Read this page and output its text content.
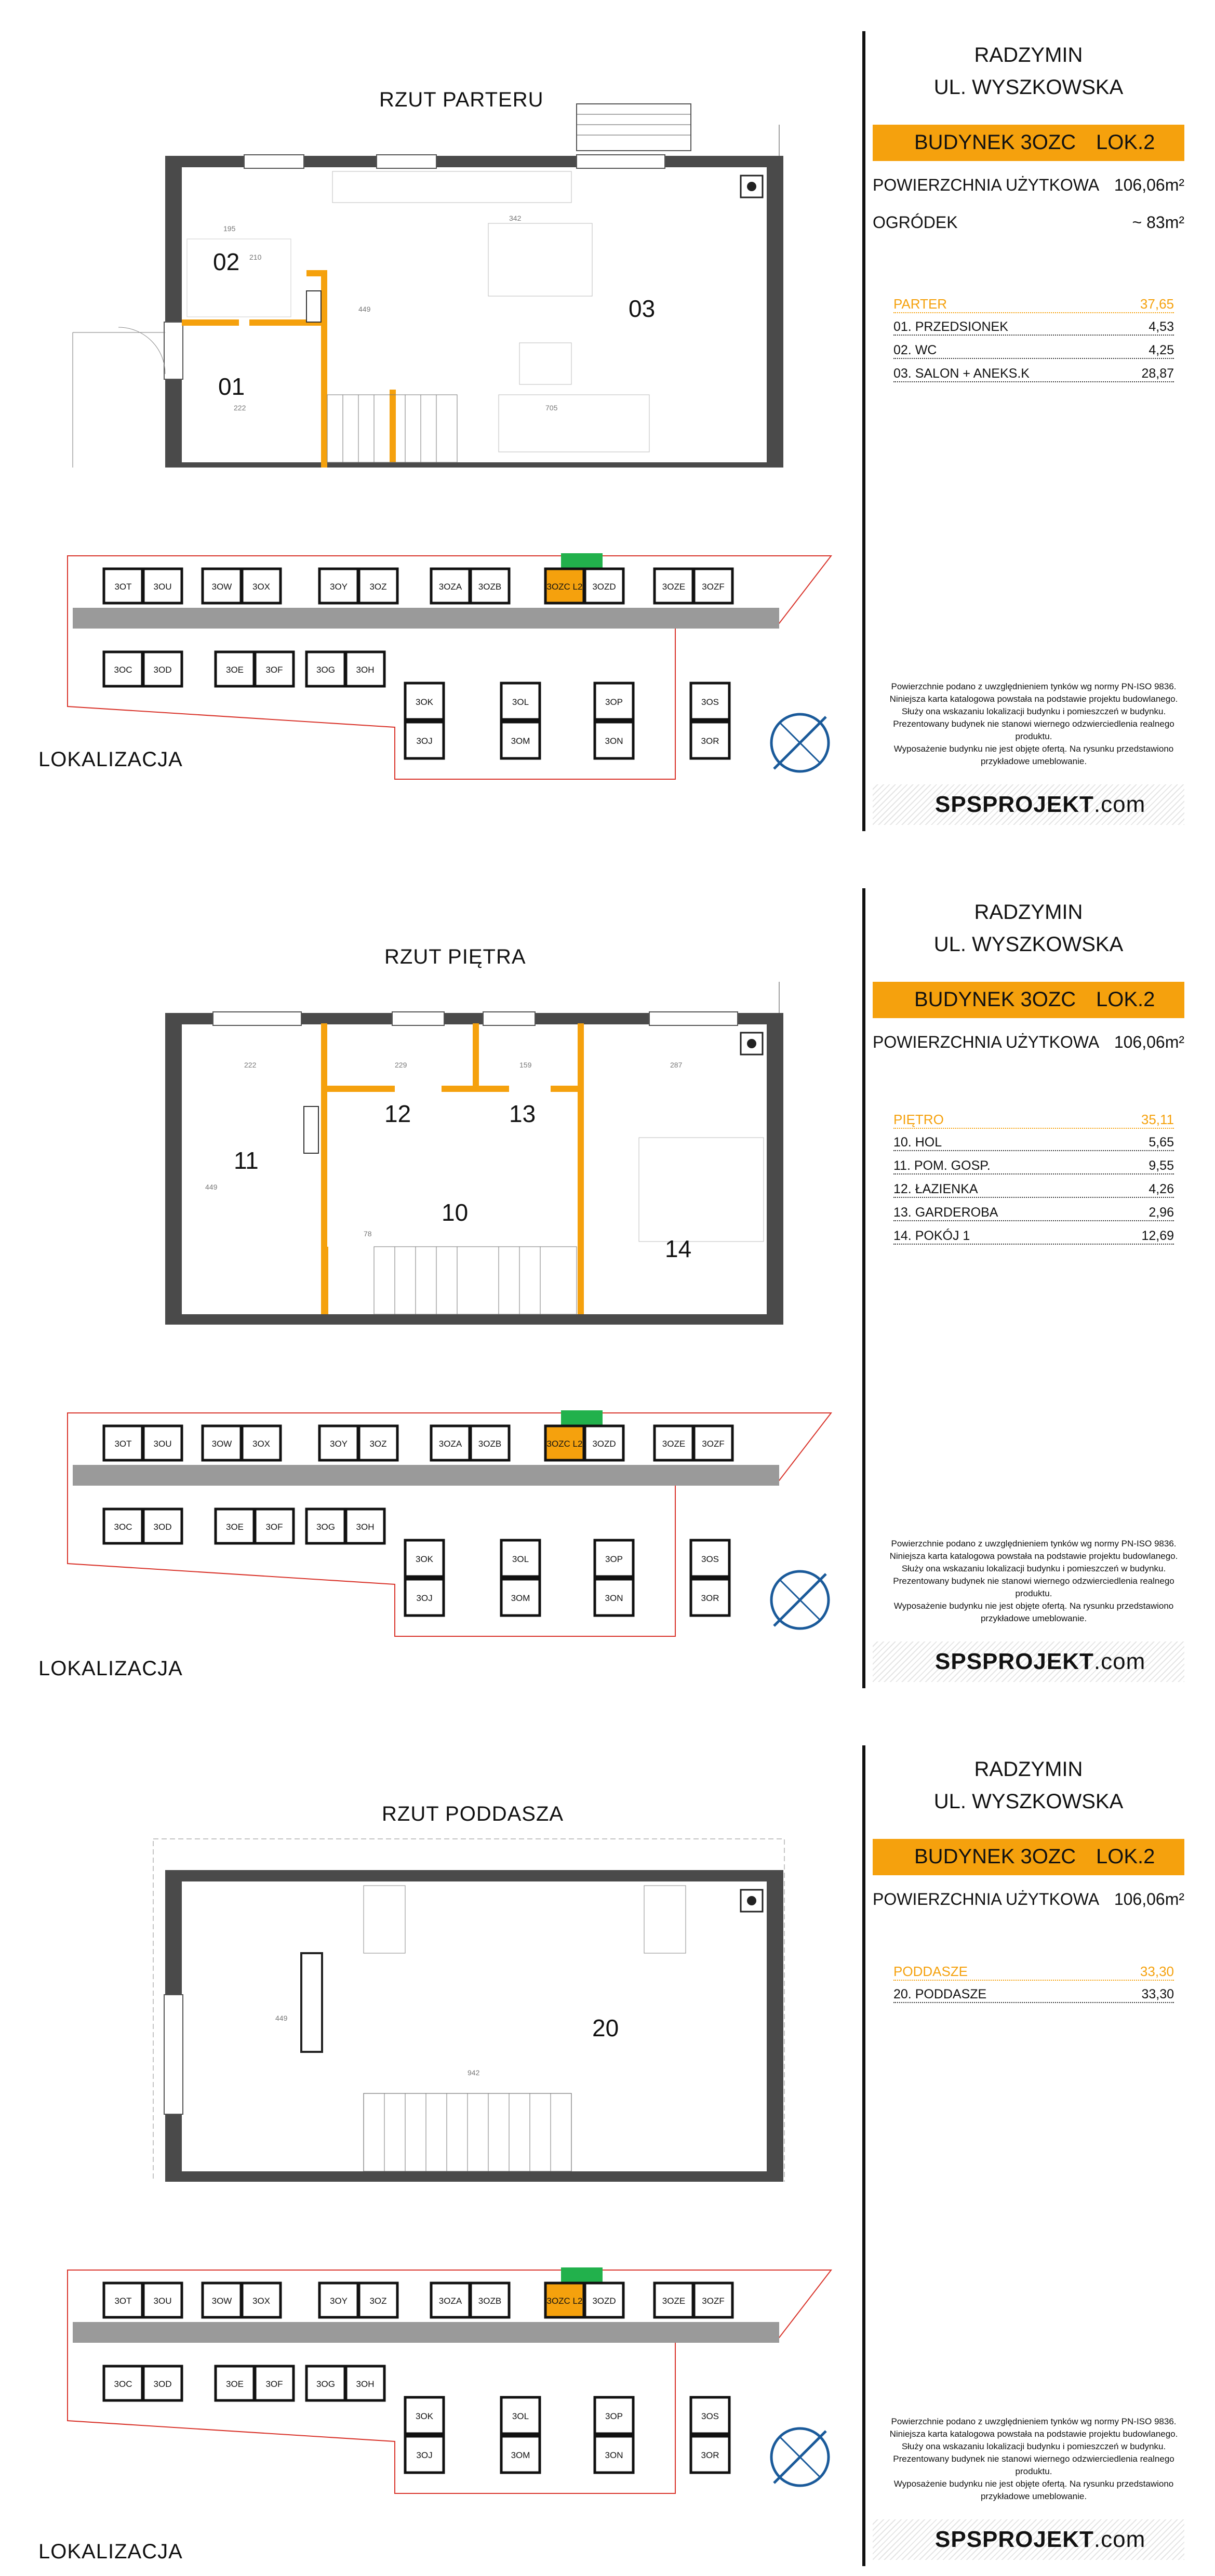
RZUT PARTERU
02
01
03
195
210
342
449
222	705
3OT 3OU	3OW 3OX	3OY 3OZ	3OZA 3OZB	3OZC L2 3OZD	3OZE 3OZF
3OC 3OD	3OE 3OF	3OG 3OH
3OK
3OJ
3OL
3OM
3OP
3ON
3OS
3OR
LOKALIZACJA
RADZYMIN
UL. WYSZKOWSKA
BUDYNEK 3OZC LOK.2
POWIERZCHNIA UŻYTKOWA 106,06m²
OGRÓDEK	~ 83m²
PARTER	37,65
01. PRZEDSIONEK	4,53
02. WC	4,25
03. SALON + ANEKS.K	28,87
Powierzchnie podano z uwzględnieniem tynków wg normy PN-ISO 9836.
Niniejsza karta katalogowa powstała na podstawie projektu budowlanego.
Służy ona wskazaniu lokalizacji budynku i pomieszczeń w budynku.
Prezentowany budynek nie stanowi wiernego odzwierciedlenia realnego produktu.
Wyposażenie budynku nie jest objęte ofertą. Na rysunku przedstawiono
przykładowe umeblowanie.
SPSPROJEKT.com
RZUT PIĘTRA
11
12	13
10
14
222	229	159	287
449
78
3OT 3OU	3OW 3OX	3OY 3OZ	3OZA 3OZB	3OZC L2 3OZD	3OZE 3OZF
3OC 3OD	3OE 3OF	3OG 3OH
3OK
3OJ
3OL
3OM
3OP
3ON
3OS
3OR
LOKALIZACJA
RADZYMIN
UL. WYSZKOWSKA
BUDYNEK 3OZC LOK.2
POWIERZCHNIA UŻYTKOWA 106,06m²
PIĘTRO	35,11
10. HOL	5,65
11. POM. GOSP.	9,55
12. ŁAZIENKA	4,26
13. GARDEROBA	2,96
14. POKÓJ 1	12,69
Powierzchnie podano z uwzględnieniem tynków wg normy PN-ISO 9836.
Niniejsza karta katalogowa powstała na podstawie projektu budowlanego.
Służy ona wskazaniu lokalizacji budynku i pomieszczeń w budynku.
Prezentowany budynek nie stanowi wiernego odzwierciedlenia realnego produktu.
Wyposażenie budynku nie jest objęte ofertą. Na rysunku przedstawiono
przykładowe umeblowanie.
SPSPROJEKT.com
RZUT PODDASZA
20
449
942
3OT 3OU	3OW 3OX	3OY 3OZ	3OZA 3OZB	3OZC L2 3OZD	3OZE 3OZF
3OC 3OD	3OE 3OF	3OG 3OH
3OK
3OJ
3OL
3OM
3OP
3ON
3OS
3OR
LOKALIZACJA
RADZYMIN
UL. WYSZKOWSKA
BUDYNEK 3OZC LOK.2
POWIERZCHNIA UŻYTKOWA 106,06m²
PODDASZE	33,30
20. PODDASZE	33,30
Powierzchnie podano z uwzględnieniem tynków wg normy PN-ISO 9836.
Niniejsza karta katalogowa powstała na podstawie projektu budowlanego.
Służy ona wskazaniu lokalizacji budynku i pomieszczeń w budynku.
Prezentowany budynek nie stanowi wiernego odzwierciedlenia realnego produktu.
Wyposażenie budynku nie jest objęte ofertą. Na rysunku przedstawiono
przykładowe umeblowanie.
SPSPROJEKT.com
